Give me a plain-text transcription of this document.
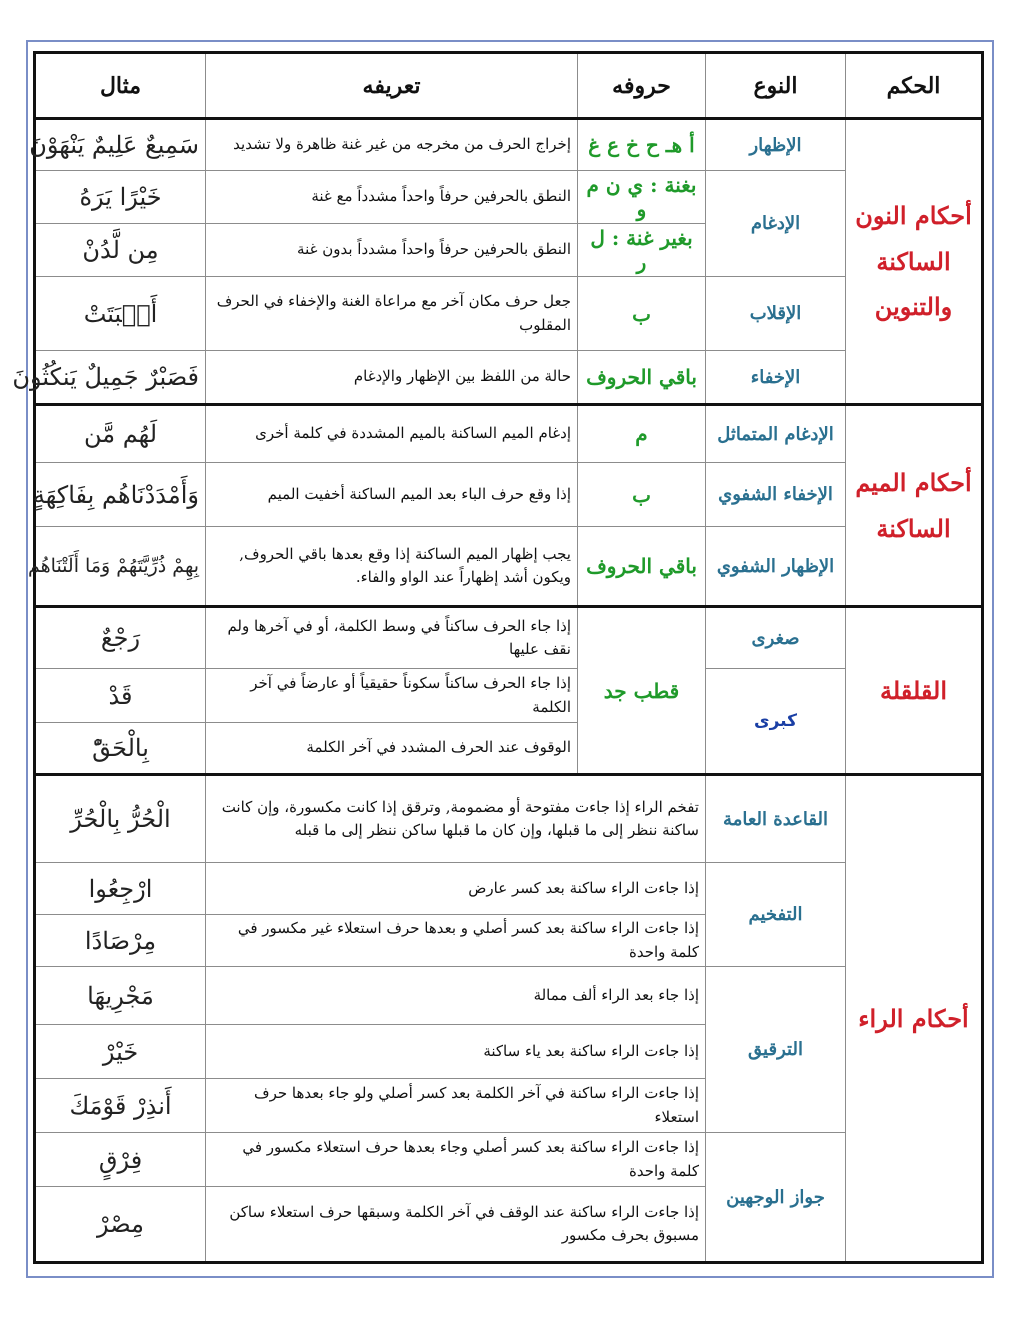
الحكم	النوع	حروفه	تعريفه	مثال
أحكام النون الساكنة والتنوين	الإظهار	أ هـ ح خ ع غ	إخراج الحرف من مخرجه من غير غنة ظاهرة ولا تشديد	سَمِيعٌ عَلِيمٌ يَنْهَوْنَ
	الإدغام	بغنة : ي ن م و	النطق بالحرفين حرفاً واحداً مشدداً مع غنة	خَيْرًا يَرَهُ
		بغير غنة : ل ر	النطق بالحرفين حرفاً واحداً مشدداً بدون غنة	مِن لَّدُنْ
	الإقلاب	ب	جعل حرف مكان آخر مع مراعاة الغنة والإخفاء في الحرف المقلوب	أَنۢبَتَتْ
	الإخفاء	باقي الحروف	حالة من اللفظ بين الإظهار والإدغام	فَصَبْرٌ جَمِيلٌ يَنكُثُونَ
أحكام الميم الساكنة	الإدغام المتماثل	م	إدغام الميم الساكنة بالميم المشددة في كلمة أخرى	لَهُم مَّن
	الإخفاء الشفوي	ب	إذا وقع حرف الباء بعد الميم الساكنة أخفيت الميم	وَأَمْدَدْنَاهُم بِفَاكِهَةٍ
	الإظهار الشفوي	باقي الحروف	يجب إظهار الميم الساكنة إذا وقع بعدها باقي الحروف, ويكون أشد إظهاراً عند الواو والفاء.	بِهِمْ ذُرِّيَّتَهُمْ وَمَا أَلَتْنَاهُم
القلقلة	صغرى	قطب جد	إذا جاء الحرف ساكناً في وسط الكلمة، أو في آخرها ولم نقف عليها	رَجْعٌ
	كبرى		إذا جاء الحرف ساكناً سكوناً حقيقياً أو عارضاً في آخر الكلمة	قَدْ
			الوقوف عند الحرف المشدد في آخر الكلمة	بِالْحَقّْ
أحكام الراء	القاعدة العامة	تفخم الراء إذا جاءت مفتوحة أو مضمومة, وترقق إذا كانت مكسورة، وإن كانت ساكنة ننظر إلى ما قبلها، وإن كان ما قبلها ساكن ننظر إلى ما قبله		الْحُرُّ بِالْحُرِّ
	التفخيم	إذا جاءت الراء ساكنة بعد كسر عارض		ارْجِعُوا
		إذا جاءت الراء ساكنة بعد كسر أصلي و بعدها حرف استعلاء غير مكسور في كلمة واحدة		مِرْصَادًا
	الترقيق	إذا جاء بعد الراء ألف ممالة		مَجْرِيهَا
		إذا جاءت الراء ساكنة بعد ياء ساكنة		خَيْرْ
		إذا جاءت الراء ساكنة في آخر الكلمة بعد كسر أصلي ولو جاء بعدها حرف استعلاء		أَنذِرْ قَوْمَكَ
	جواز الوجهين	إذا جاءت الراء ساكنة بعد كسر أصلي وجاء بعدها حرف استعلاء مكسور في كلمة واحدة		فِرْقٍ
		إذا جاءت الراء ساكنة عند الوقف في آخر الكلمة وسبقها حرف استعلاء ساكن مسبوق بحرف مكسور		مِصْرْ
